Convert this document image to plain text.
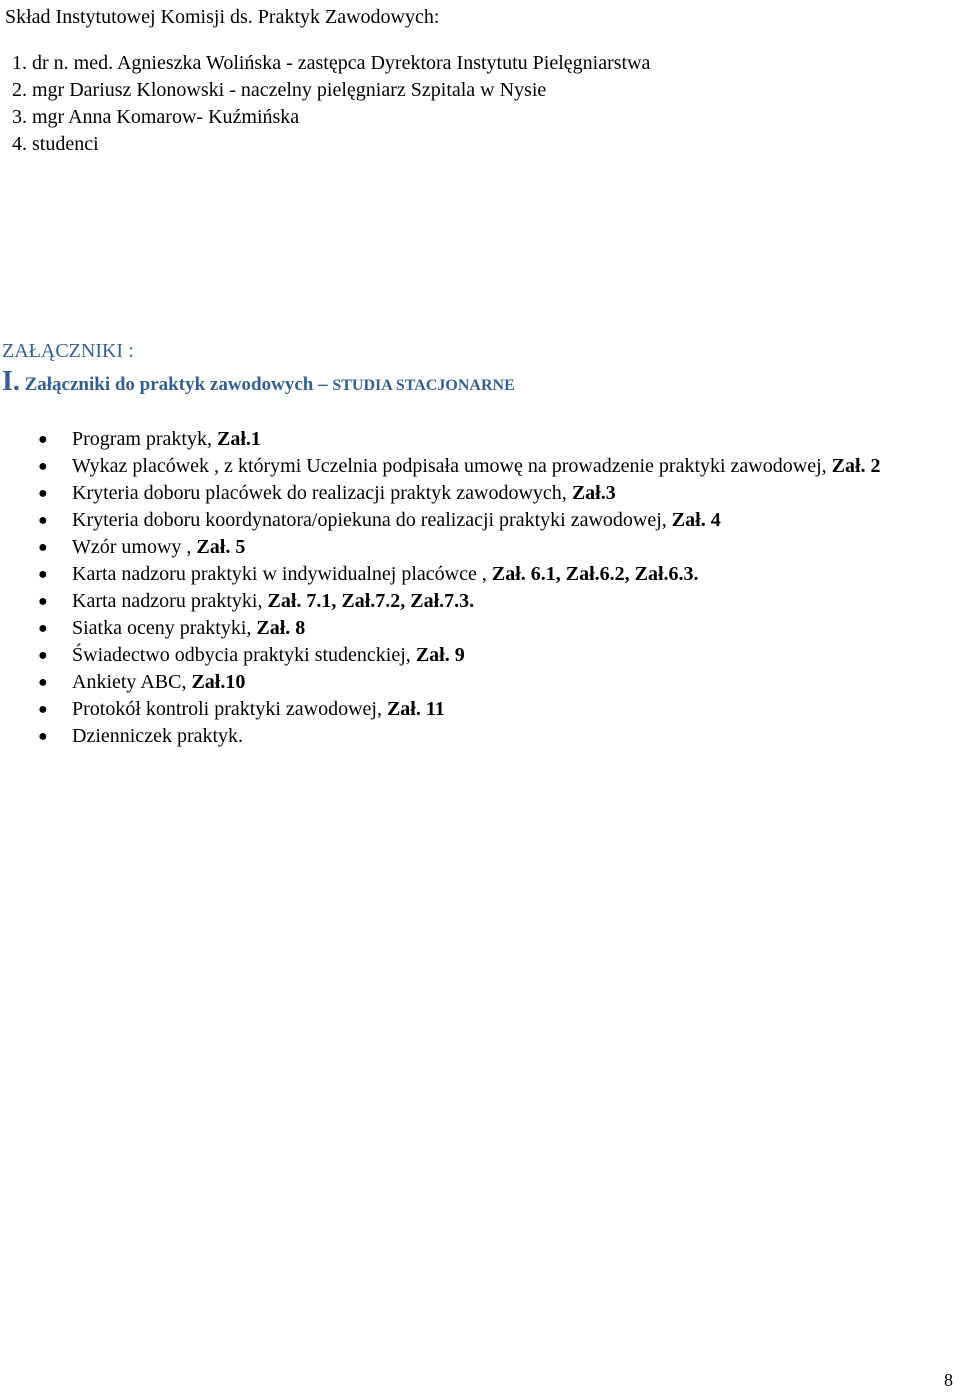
Skład Instytutowej Komisji ds. Praktyk Zawodowych:

1. dr n. med. Agnieszka Wolińska - zastępca Dyrektora Instytutu Pielęgniarstwa
2. mgr Dariusz Klonowski - naczelny pielęgniarz Szpitala w Nysie
3. mgr Anna Komarow- Kuźmińska
4. studenci
ZAŁĄCZNIKI :
I. Załączniki do praktyk zawodowych – STUDIA STACJONARNE
● Program praktyk, Zał.1
● Wykaz placówek , z którymi Uczelnia podpisała umowę na prowadzenie praktyki zawodowej, Zał. 2
● Kryteria doboru placówek do realizacji praktyk zawodowych, Zał.3
● Kryteria doboru koordynatora/opiekuna do realizacji praktyki zawodowej, Zał. 4
● Wzór umowy , Zał. 5
● Karta nadzoru praktyki w indywidualnej placówce , Zał. 6.1, Zał.6.2, Zał.6.3.
● Karta nadzoru praktyki, Zał. 7.1, Zał.7.2, Zał.7.3.
● Siatka oceny praktyki, Zał. 8
● Świadectwo odbycia praktyki studenckiej, Zał. 9
● Ankiety ABC, Zał.10
● Protokół kontroli praktyki zawodowej, Zał. 11
● Dzienniczek praktyk.
8
